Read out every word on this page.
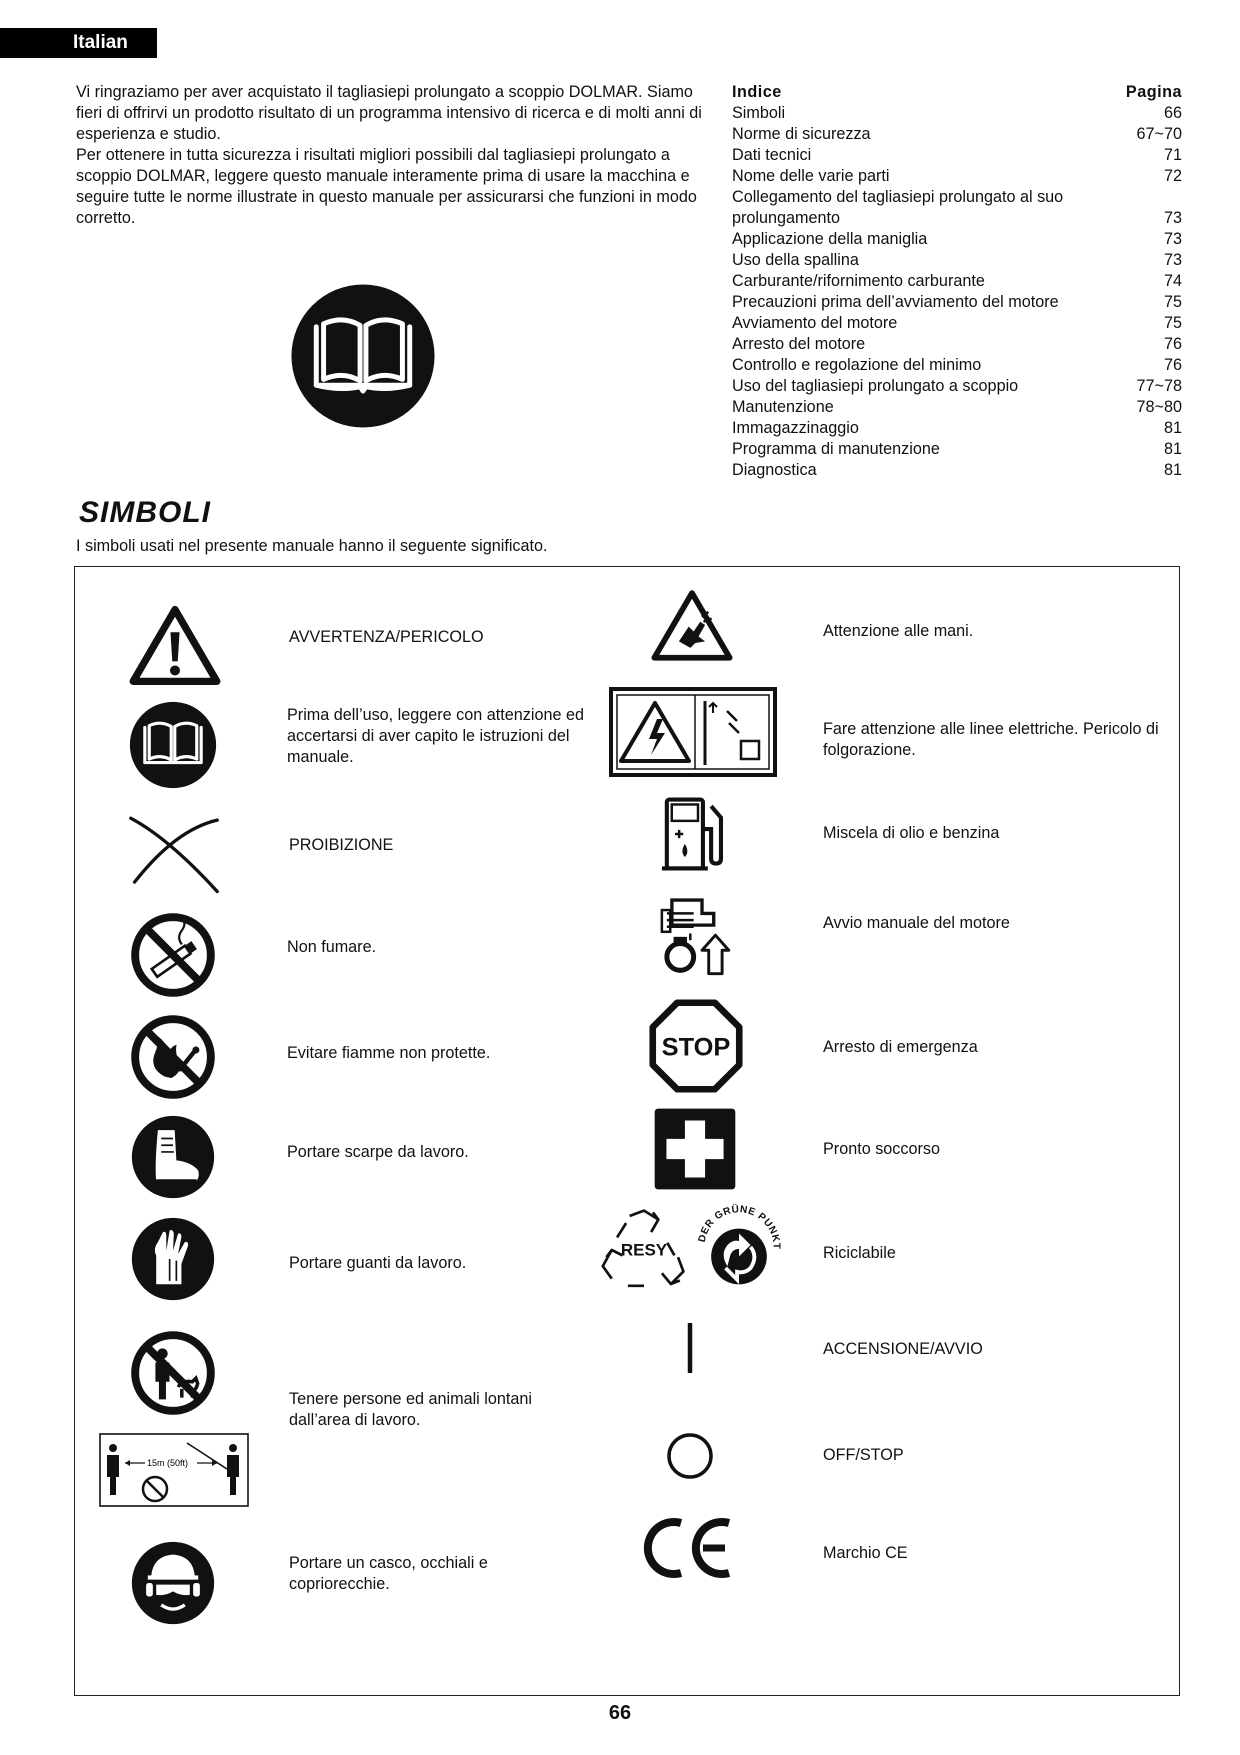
Italian

Vi ringraziamo per aver acquistato il tagliasiepi prolungato a scoppio DOLMAR. Siamo fieri di offrirvi un prodotto risultato di un programma intensivo di ricerca e di molti anni di esperienza e studio.

Per ottenere in tutta sicurezza i risultati migliori possibili dal tagliasiepi prolungato a scoppio DOLMAR, leggere questo manuale interamente prima di usare la macchina e seguire tutte le norme illustrate in questo manuale per assicurarsi che funzioni in modo corretto.

Indice	Pagina
Simboli	66
Norme di sicurezza	67~70
Dati tecnici	71
Nome delle varie parti	72
Collegamento del tagliasiepi prolungato al suo prolungamento	73
Applicazione della maniglia	73
Uso della spallina	73
Carburante/rifornimento carburante	74
Precauzioni prima dell’avviamento del motore	75
Avviamento del motore	75
Arresto del motore	76
Controllo e regolazione del minimo	76
Uso del tagliasiepi prolungato a scoppio	77~78
Manutenzione	78~80
Immagazzinaggio	81
Programma di manutenzione	81
Diagnostica	81
SIMBOLI
I simboli usati nel presente manuale hanno il seguente significato.
AVVERTENZA/PERICOLO
Prima dell’uso, leggere con attenzione ed accertarsi di aver capito le istruzioni del manuale.
PROIBIZIONE
Non fumare.
Evitare fiamme non protette.
Portare scarpe da lavoro.
Portare guanti da lavoro.
15m (50ft)
Tenere persone ed animali lontani dall’area di lavoro.
Portare un casco, occhiali e copriorecchie.
Attenzione alle mani.
Fare attenzione alle linee elettriche. Pericolo di folgorazione.
Miscela di olio e benzina
Avvio manuale del motore
STOP	Arresto di emergenza
Pronto soccorso
RESY
DER GRÜNE PUNKT	Riciclabile
ACCENSIONE/AVVIO
OFF/STOP
Marchio CE
66
